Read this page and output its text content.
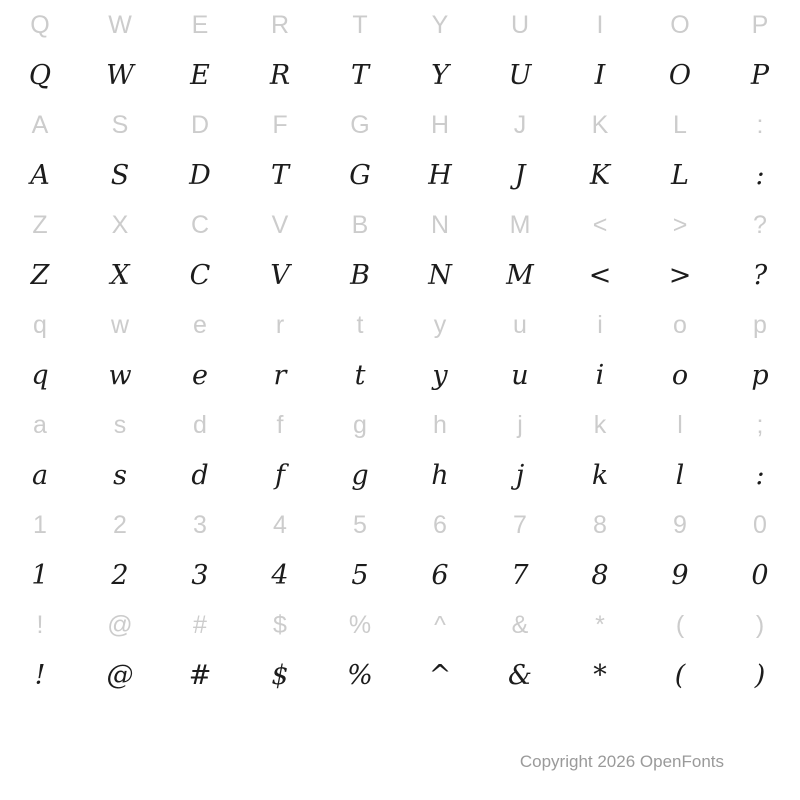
Q	W	E	R	T	Y	U	I	O	P
Q	W	E	R	T	Y	U	I	O	P
A	S	D	F	G	H	J	K	L	:
A	S	D	T	G	H	J	K	L	:
Z	X	C	V	B	N	M	<	>	?
Z	X	C	V	B	N	M	<	>	?
q	w	e	r	t	y	u	i	o	p
q	w	e	r	t	y	u	i	o	p
a	s	d	f	g	h	j	k	l	;
a	s	d	f	g	h	j	k	l	:
1	2	3	4	5	6	7	8	9	0
1	2	3	4	5	6	7	8	9	0
!	@	#	$	%	^	&	*	(	)
!	@	#	$	%	^	&	*	(	)
Copyright 2026 OpenFonts
